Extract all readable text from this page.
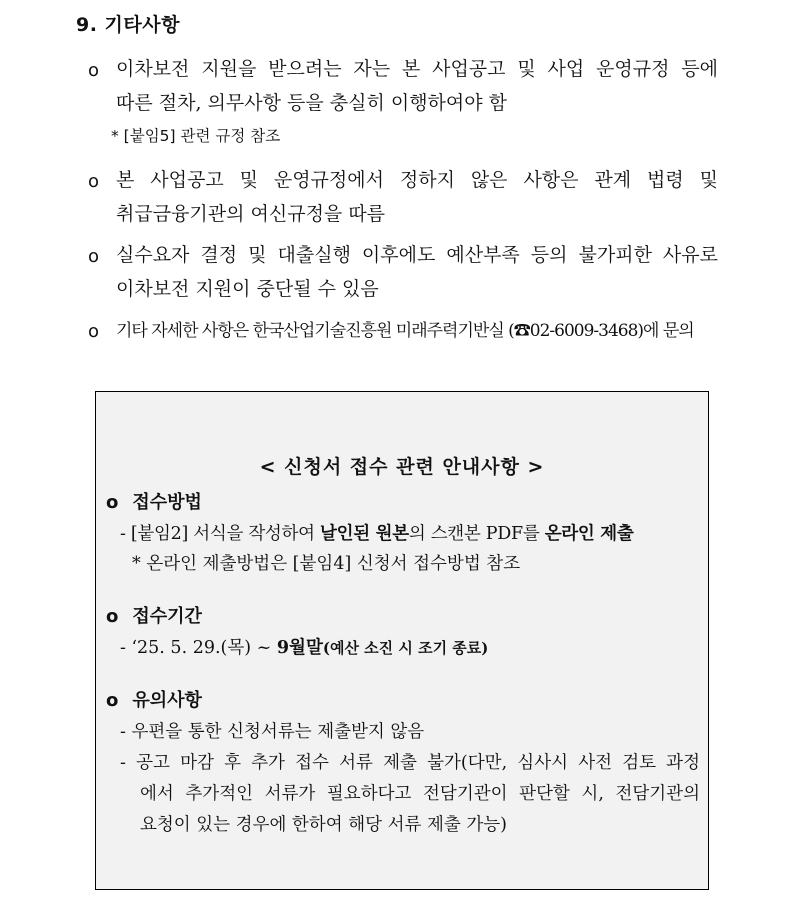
9. 기타사항
o 이차보전 지원을 받으려는 자는 본 사업공고 및 사업 운영규정 등에
따른 절차, 의무사항 등을 충실히 이행하여야 함
* [붙임5] 관련 규정 참조
o 본 사업공고 및 운영규정에서 정하지 않은 사항은 관계 법령 및
취급금융기관의 여신규정을 따름
o 실수요자 결정 및 대출실행 이후에도 예산부족 등의 불가피한 사유로
이차보전 지원이 중단될 수 있음
o 기타 자세한 사항은 한국산업기술진흥원 미래주력기반실 (☎02-6009-3468)에 문의
< 신청서 접수 관련 안내사항 >
o 접수방법
- [붙임2] 서식을 작성하여 날인된 원본의 스캔본 PDF를 온라인 제출
* 온라인 제출방법은 [붙임4] 신청서 접수방법 참조
o 접수기간
- ‘25. 5. 29.(목) ~ 9월말(예산 소진 시 조기 종료)
o 유의사항
- 우편을 통한 신청서류는 제출받지 않음
- 공고 마감 후 추가 접수 서류 제출 불가(다만, 심사시 사전 검토 과정
에서 추가적인 서류가 필요하다고 전담기관이 판단할 시, 전담기관의
요청이 있는 경우에 한하여 해당 서류 제출 가능)
